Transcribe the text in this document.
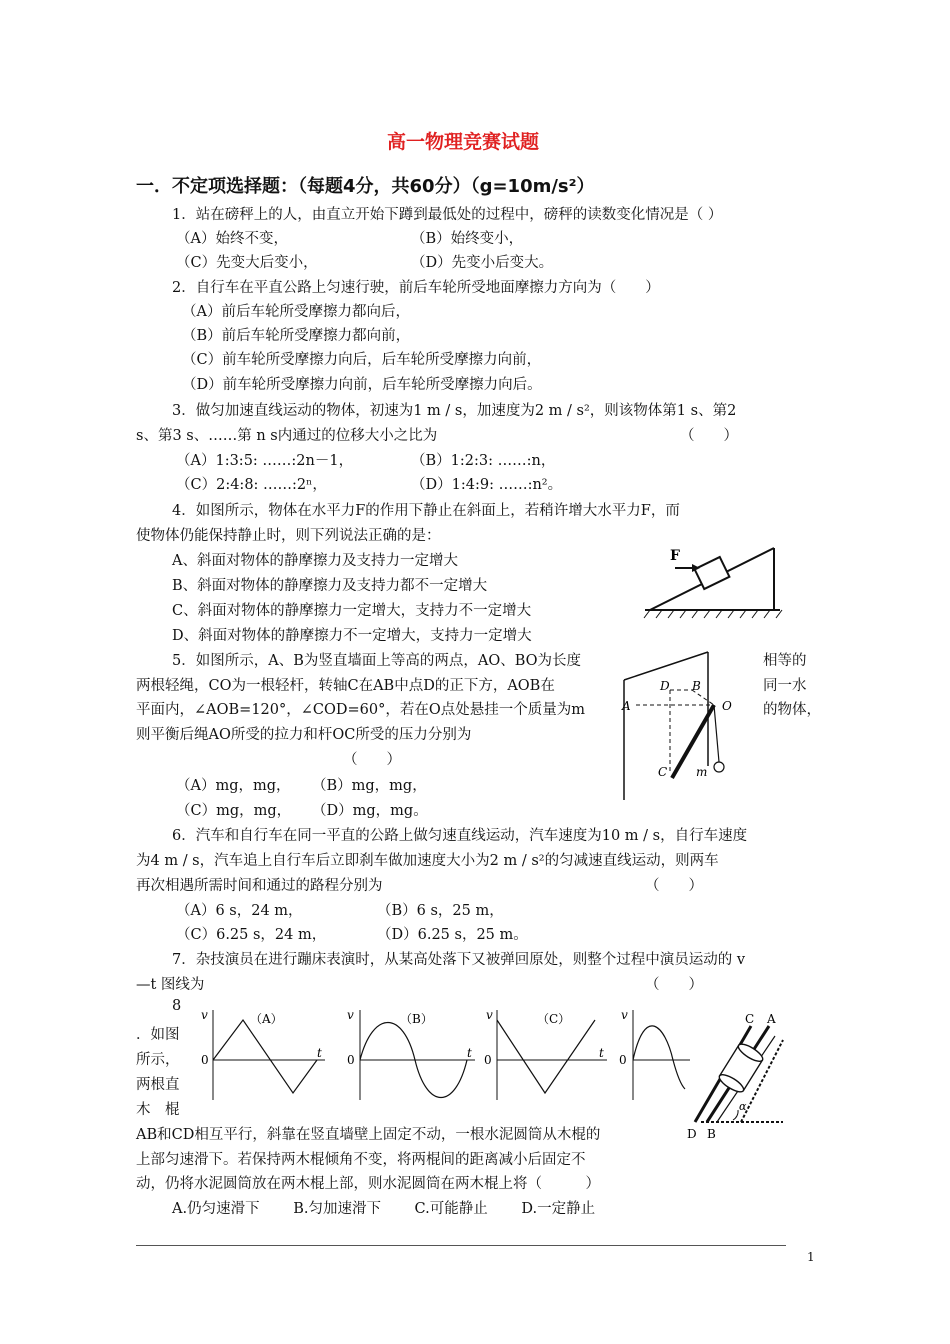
高一物理竞赛试题
一．不定项选择题：（每题4分，共60分）（g=10m/s²）
1．站在磅秤上的人，由直立开始下蹲到最低处的过程中，磅秤的读数变化情况是（ ）
（A）始终不变，	（B）始终变小，
（C）先变大后变小，	（D）先变小后变大。
2．自行车在平直公路上匀速行驶，前后车轮所受地面摩擦力方向为（　　）
（A）前后车轮所受摩擦力都向后，
（B）前后车轮所受摩擦力都向前，
（C）前车轮所受摩擦力向后，后车轮所受摩擦力向前，
（D）前车轮所受摩擦力向前，后车轮所受摩擦力向后。
3．做匀加速直线运动的物体，初速为1 m / s，加速度为2 m / s²，则该物体第1 s、第2
s、第3 s、……第 n s内通过的位移大小之比为	（　　）
（A）1:3:5: ……:2n－1，	（B）1:2:3: ……:n，
（C）2:4:8: ……:2ⁿ，	（D）1:4:9: ……:n²。
4．如图所示，物体在水平力F的作用下静止在斜面上，若稍许增大水平力F，而
使物体仍能保持静止时，则下列说法正确的是：
A、斜面对物体的静摩擦力及支持力一定增大
B、斜面对物体的静摩擦力及支持力都不一定增大
C、斜面对物体的静摩擦力一定增大，支持力不一定增大
D、斜面对物体的静摩擦力不一定增大，支持力一定增大
F
5．如图所示，A、B为竖直墙面上等高的两点，AO、BO为长度	相等的
两根轻绳，CO为一根轻杆，转轴C在AB中点D的正下方，AOB在	同一水
平面内，∠AOB=120°，∠COD=60°，若在O点处悬挂一个质量为m	的物体，
则平衡后绳AO所受的拉力和杆OC所受的压力分别为
（　　）
（A）mg，mg， （B）mg，mg，
（C）mg，mg， （D）mg，mg。
D B
A	O
C m
6．汽车和自行车在同一平直的公路上做匀速直线运动，汽车速度为10 m / s，自行车速度
为4 m / s，汽车追上自行车后立即刹车做加速度大小为2 m / s²的匀减速直线运动，则两车
再次相遇所需时间和通过的路程分别为	（　　）
（A）6 s，24 m，	（B）6 s，25 m，
（C）6.25 s，24 m，	（D）6.25 s，25 m。
7．杂技演员在进行蹦床表演时，从某高处落下又被弹回原处，则整个过程中演员运动的 v
—t 图线为	（　　）
v
0	t
（A）	v
0	t
（B）	v
0	t
（C）	v
0
8
．如图
所示，
两根直
木　棍
AB和CD相互平行，斜靠在竖直墙壁上固定不动，一根水泥圆筒从木棍的
上部匀速滑下。若保持两木棍倾角不变，将两棍间的距离减小后固定不
动，仍将水泥圆筒放在两木棍上部，则水泥圆筒在两木棍上将（　　　）
A.仍匀速滑下　　 B.匀加速滑下　　 C.可能静止　　 D.一定静止
C A
D B
α
1
